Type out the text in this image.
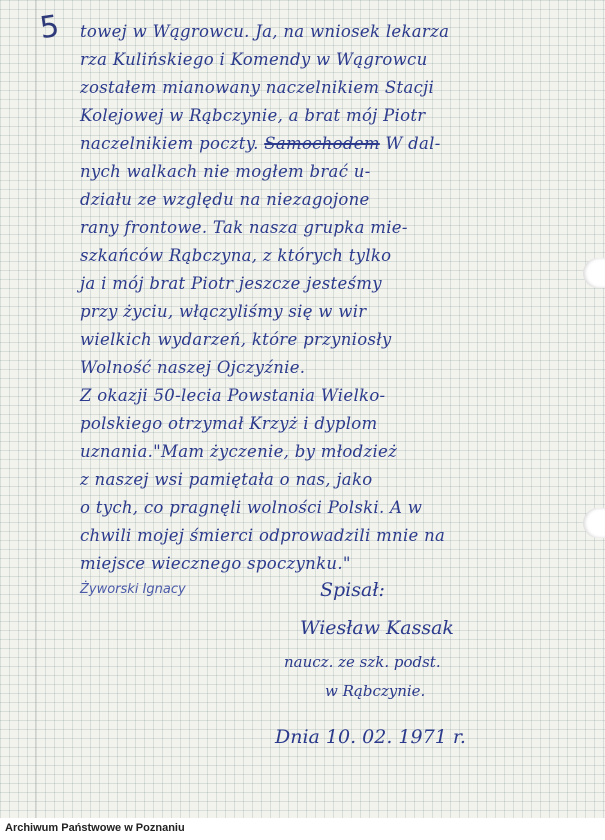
5 towej w Wągrowcu. Ja, na wniosek lekarza
rza Kulińskiego i Komendy w Wągrowcu
zostałem mianowany naczelnikiem Stacji
Kolejowej w Rąbczynie, a brat mój Piotr
naczelnikiem poczty. Samochodem W dal-
nych walkach nie mogłem brać u-
działu ze względu na niezagojone
rany frontowe. Tak nasza grupka mie-
szkańców Rąbczyna, z których tylko
ja i mój brat Piotr jeszcze jesteśmy
przy życiu, włączyliśmy się w wir
wielkich wydarzeń, które przyniosły
Wolność naszej Ojczyźnie.
Z okazji 50-lecia Powstania Wielko-
polskiego otrzymał Krzyż i dyplom
uznania."Mam życzenie, by młodzież
z naszej wsi pamiętała o nas, jako
o tych, co pragnęli wolności Polski. A w
chwili mojej śmierci odprowadzili mnie na
miejsce wiecznego spoczynku."
Żyworski Ignacy	Spisał:
Wiesław Kassak
naucz. ze szk. podst.
w Rąbczynie.
Dnia 10. 02. 1971 r.
Archiwum Państwowe w Poznaniu
